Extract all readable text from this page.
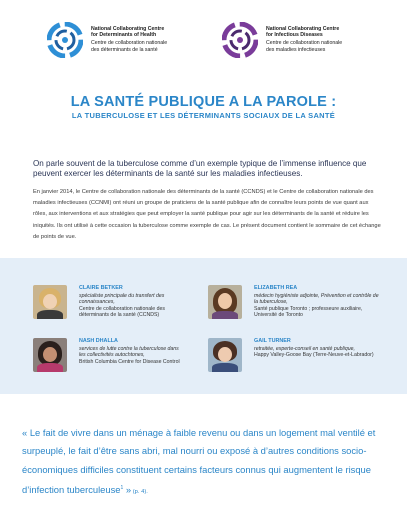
National Collaborating Centre
for Determinants of Health
Centre de collaboration nationale
des déterminants de la santé
National Collaborating Centre
for Infectious Diseases
Centre de collaboration nationale
des maladies infectieuses
LA SANTÉ PUBLIQUE A LA PAROLE :
LA TUBERCULOSE ET LES DÉTERMINANTS SOCIAUX DE LA SANTÉ
On parle souvent de la tuberculose comme d’un exemple typique de l’immense influence que peuvent exercer les déterminants de la santé sur les maladies infectieuses.
En janvier 2014, le Centre de collaboration nationale des déterminants de la santé (CCNDS) et le Centre de collaboration nationale des maladies infectieuses (CCNMI) ont réuni un groupe de praticiens de la santé publique afin de connaître leurs points de vue quant aux rôles, aux interventions et aux stratégies que peut employer la santé publique pour agir sur les déterminants de la santé et réduire les iniquités. Ils ont utilisé à cette occasion la tuberculose comme exemple de cas. Le présent document contient le sommaire de cet échange de points de vue.
CLAIRE BETKER
spécialiste principale du transfert des connaissances,
Centre de collaboration nationale des déterminants de la santé (CCNDS)
ELIZABETH REA
médecin hygiéniste adjointe, Prévention et contrôle de la tuberculose,
Santé publique Toronto ; professeure auxiliaire, Université de Toronto
NASH DHALLA
services de lutte contre la tuberculose dans les collectivités autochtones,
British Columbia Centre for Disease Control
GAIL TURNER
retraitée, experte-conseil en santé publique,
Happy Valley-Goose Bay (Terre-Neuve-et-Labrador)
« Le fait de vivre dans un ménage à faible revenu ou dans un logement mal ventilé et surpeuplé, le fait d’être sans abri, mal nourri ou exposé à d’autres conditions socio-économiques difficiles constituent certains facteurs connus qui augmentent le risque d’infection tuberculeuse$^1$ » (p. 4).
